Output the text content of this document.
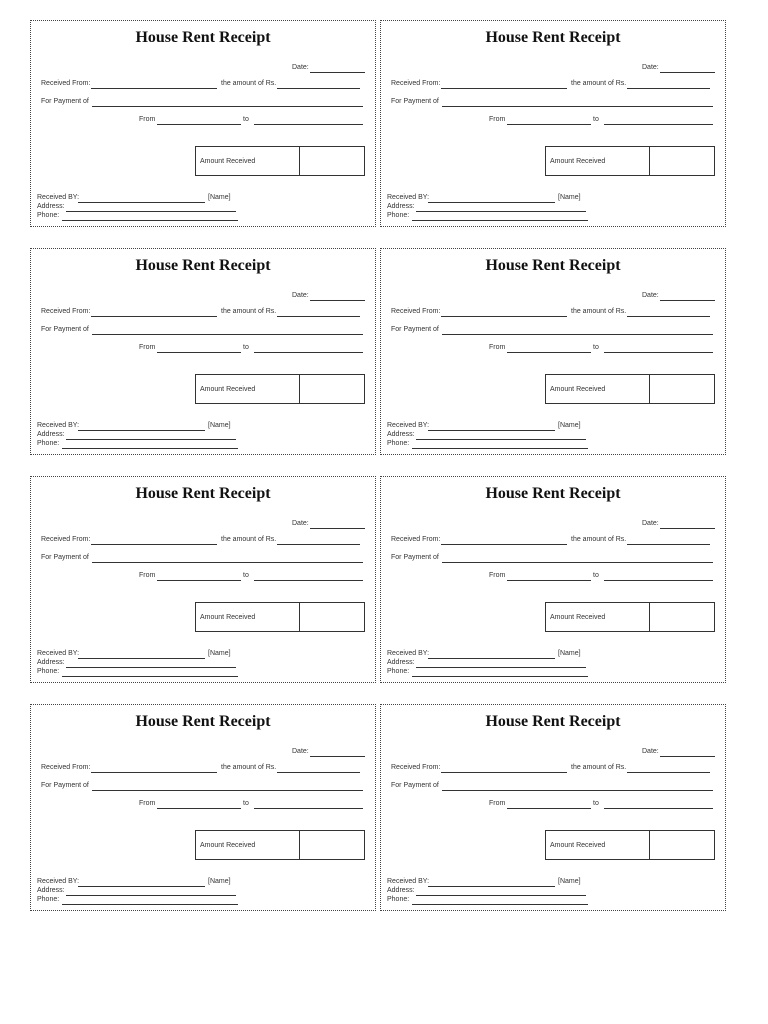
House Rent Receipt
Date:
Received From:	the amount of Rs.
For Payment of
From	to
Amount Received
Received BY:	[Name]
Address:
Phone:
House Rent Receipt
Date:
Received From:	the amount of Rs.
For Payment of
From	to
Amount Received
Received BY:	[Name]
Address:
Phone:
House Rent Receipt
Date:
Received From:	the amount of Rs.
For Payment of
From	to
Amount Received
Received BY:	[Name]
Address:
Phone:
House Rent Receipt
Date:
Received From:	the amount of Rs.
For Payment of
From	to
Amount Received
Received BY:	[Name]
Address:
Phone:
House Rent Receipt
Date:
Received From:	the amount of Rs.
For Payment of
From	to
Amount Received
Received BY:	[Name]
Address:
Phone:
House Rent Receipt
Date:
Received From:	the amount of Rs.
For Payment of
From	to
Amount Received
Received BY:	[Name]
Address:
Phone:
House Rent Receipt
Date:
Received From:	the amount of Rs.
For Payment of
From	to
Amount Received
Received BY:	[Name]
Address:
Phone:
House Rent Receipt
Date:
Received From:	the amount of Rs.
For Payment of
From	to
Amount Received
Received BY:	[Name]
Address:
Phone:
